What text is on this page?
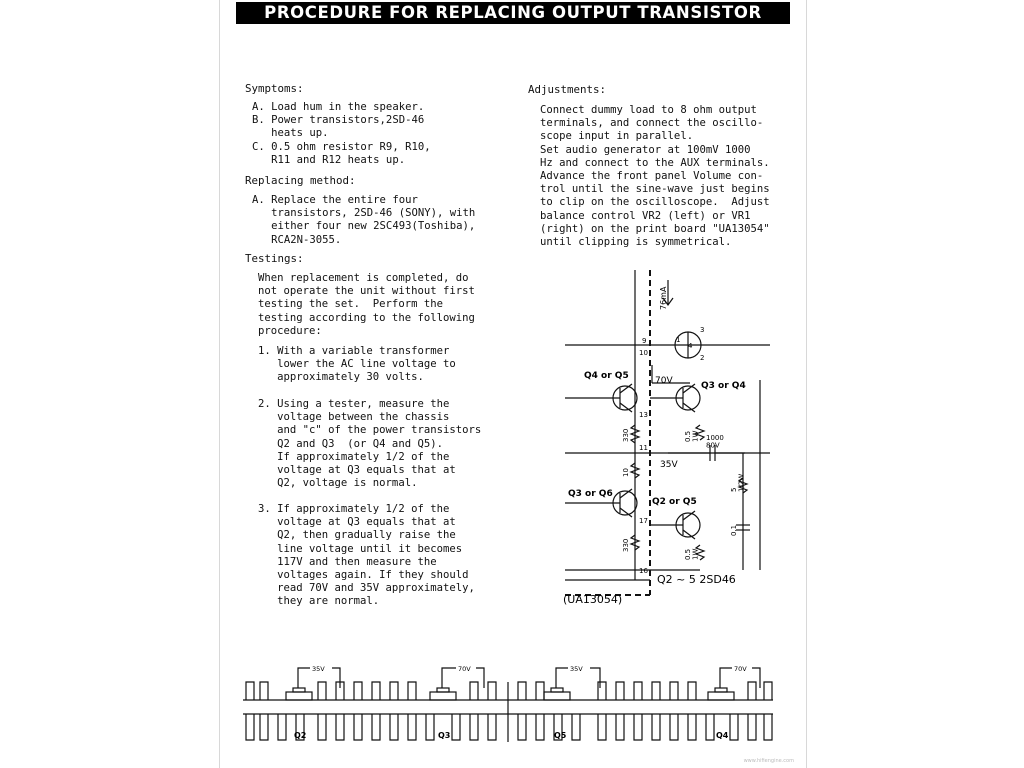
PROCEDURE FOR REPLACING OUTPUT TRANSISTOR
Symptoms:
A. Load hum in the speaker.
B. Power transistors,2SD-46
heats up.
C. 0.5 ohm resistor R9, R10,
R11 and R12 heats up.
Replacing method:
A. Replace the entire four
transistors, 2SD-46 (SONY), with
either four new 2SC493(Toshiba),
RCA2N-3055.
Testings:
When replacement is completed, do
not operate the unit without first
testing the set.  Perform the
testing according to the following
procedure:
1. With a variable transformer
lower the AC line voltage to
approximately 30 volts.
2. Using a tester, measure the
voltage between the chassis
and "c" of the power transistors
Q2 and Q3  (or Q4 and Q5).
If approximately 1/2 of the
voltage at Q3 equals that at
Q2, voltage is normal.
3. If approximately 1/2 of the
voltage at Q3 equals that at
Q2, then gradually raise the
line voltage until it becomes
117V and then measure the
voltages again. If they should
read 70V and 35V approximately,
they are normal.
Adjustments:
Connect dummy load to 8 ohm output
terminals, and connect the oscillo-
scope input in parallel.
Set audio generator at 100mV 1000
Hz and connect to the AUX terminals.
Advance the front panel Volume con-
trol until the sine-wave just begins
to clip on the oscilloscope.  Adjust
balance control VR2 (left) or VR1
(right) on the print board "UA13054"
until clipping is symmetrical.
76mA
70V
35V
Q4 or Q5
Q3 or Q4
Q3 or Q6
Q2 or Q5
330
330
10
0.51W
0.51W
1000 80V
51/2W
0.1
9
10
13
11
17
16
3
1
2
4
Q2 ~ 5 2SD46
(UA13054)
35V	70V	35V	70V
Q2	Q3	Q5	Q4
www.hifiengine.com
